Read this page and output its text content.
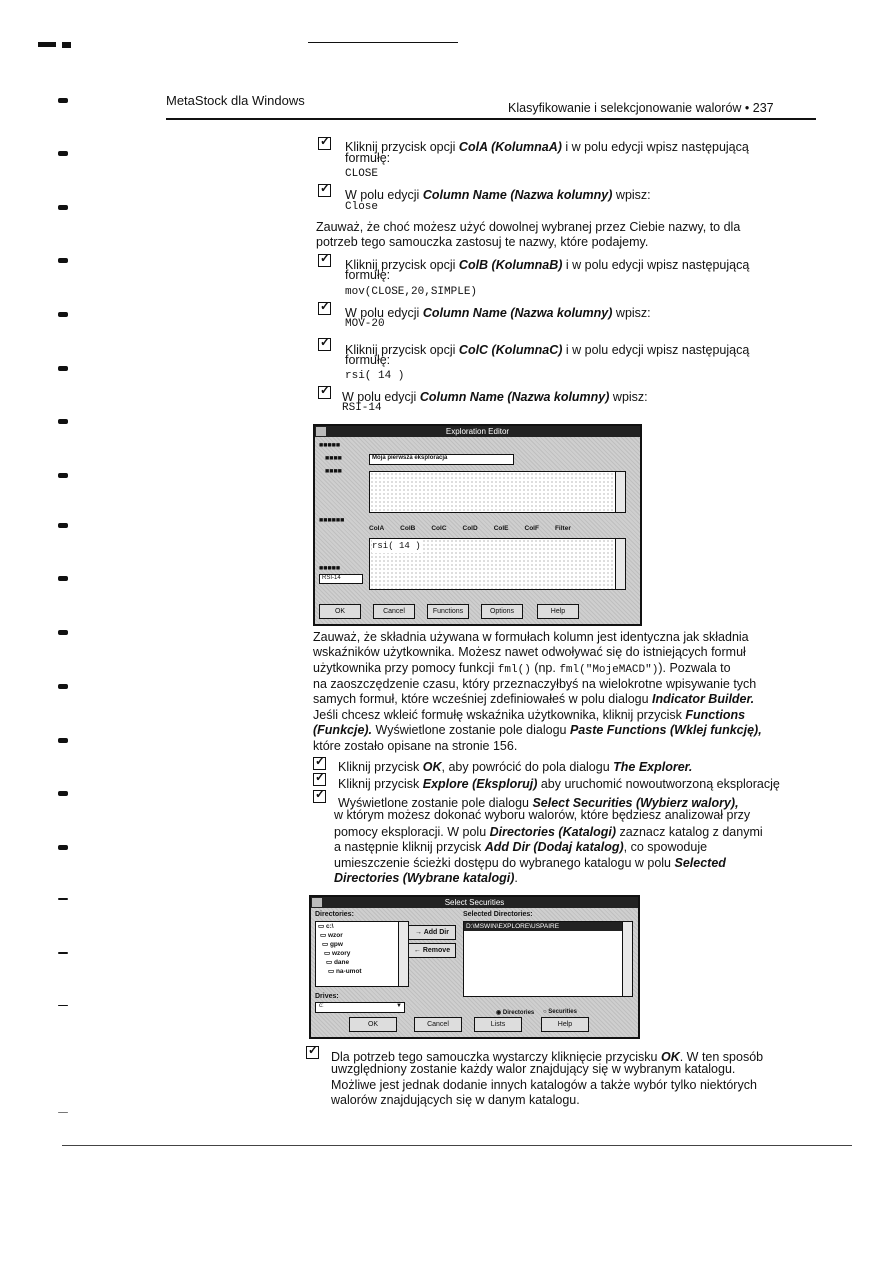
MetaStock dla Windows	Klasyfikowanie i selekcjonowanie walorów • 237
✓
Kliknij przycisk opcji ColA (KolumnaA) i w polu edycji wpisz następującą
formułę:
CLOSE
✓
W polu edycji Column Name (Nazwa kolumny) wpisz:
Close
Zauważ, że choć możesz użyć dowolnej wybranej przez Ciebie nazwy, to dla
potrzeb tego samouczka zastosuj te nazwy, które podajemy.
✓
Kliknij przycisk opcji ColB (KolumnaB) i w polu edycji wpisz następującą
formułę:
mov(CLOSE,20,SIMPLE)
✓
W polu edycji Column Name (Nazwa kolumny) wpisz:
MOV-20
✓
Kliknij przycisk opcji ColC (KolumnaC) i w polu edycji wpisz następującą
formułę:
rsi( 14 )
✓
W polu edycji Column Name (Nazwa kolumny) wpisz:
RSI-14
Exploration Editor
■■■■■
■■■■
■■■■
Moja pierwsza eksploracja
■■■■■■
ColA ColB ColC ColD ColE ColF Filter
rsi( 14 )
■■■■■
RSI-14
OK	Cancel	Functions	Options	Help
Zauważ, że składnia używana w formułach kolumn jest identyczna jak składnia
wskaźników użytkownika. Możesz nawet odwoływać się do istniejących formuł
użytkownika przy pomocy funkcji fml() (np. fml("MojeMACD")). Pozwala to
na zaoszczędzenie czasu, który przeznaczyłbyś na wielokrotne wpisywanie tych
samych formuł, które wcześniej zdefiniowałeś w polu dialogu Indicator Builder.
Jeśli chcesz wkleić formułę wskaźnika użytkownika, kliknij przycisk Functions
(Funkcje). Wyświetlone zostanie pole dialogu Paste Functions (Wklej funkcję),
które zostało opisane na stronie 156.
✓
Kliknij przycisk OK, aby powrócić do pola dialogu The Explorer.
✓
Kliknij przycisk Explore (Eksploruj) aby uruchomić nowoutworzoną eksplorację
✓
Wyświetlone zostanie pole dialogu Select Securities (Wybierz walory),
w którym możesz dokonać wyboru walorów, które będziesz analizował przy
pomocy eksploracji. W polu Directories (Katalogi) zaznacz katalog z danymi
a następnie kliknij przycisk Add Dir (Dodaj katalog), co spowoduje
umieszczenie ścieżki dostępu do wybranego katalogu w polu Selected
Directories (Wybrane katalogi).
Select Securities
Directories:
▭ c:\
▭ wzor
▭ gpw
▭ wzory
▭ dane
▭ na-umot
Drives:
c:	▼
→ Add Dir
← Remove
Selected Directories:
D:\MSWIN\EXPLORE\USPAIRE
◉ Directories ○ Securities
OK	Cancel	Lists	Help
✓
Dla potrzeb tego samouczka wystarczy kliknięcie przycisku OK. W ten sposób
uwzględniony zostanie każdy walor znajdujący się w wybranym katalogu.
Możliwe jest jednak dodanie innych katalogów a także wybór tylko niektórych
walorów znajdujących się w danym katalogu.
